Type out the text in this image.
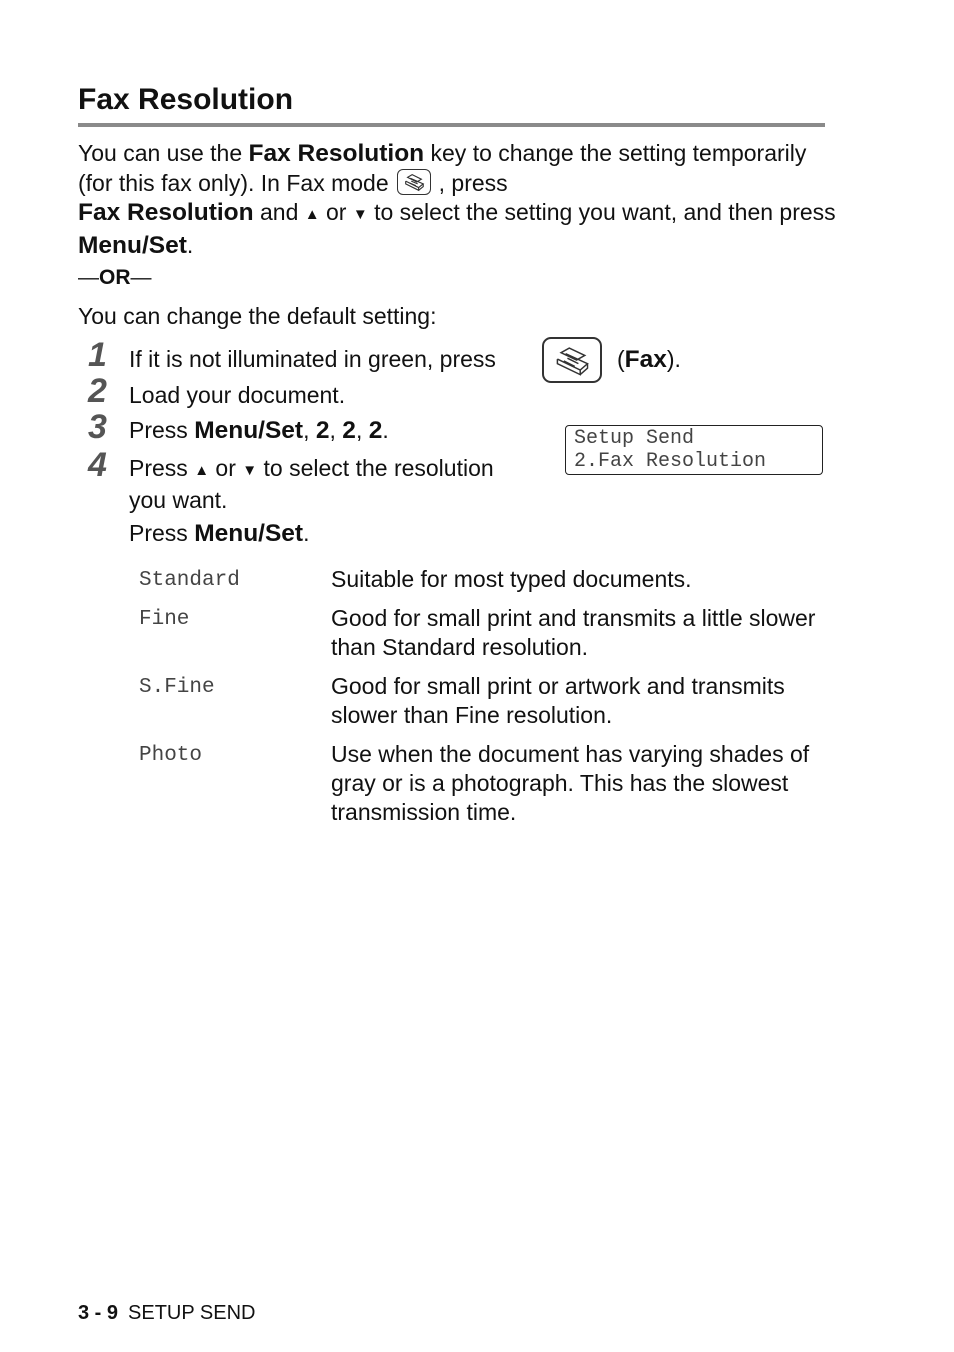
Fax Resolution
You can use the Fax Resolution key to change the setting temporarily (for this fax only). In Fax mode , press
Fax Resolution and ▲ or ▼ to select the setting you want, and then press Menu/Set.
—OR—
You can change the default setting:
1 If it is not illuminated in green, press	(Fax).
2 Load your document.
3 Press Menu/Set, 2, 2, 2.	Setup Send
2.Fax Resolution
4 Press ▲ or ▼ to select the resolution
you want.
Press Menu/Set.
Standard	Suitable for most typed documents.
Fine	Good for small print and transmits a little slower than Standard resolution.
S.Fine	Good for small print or artwork and transmits slower than Fine resolution.
Photo	Use when the document has varying shades of gray or is a photograph. This has the slowest transmission time.
3 - 9 SETUP SEND
